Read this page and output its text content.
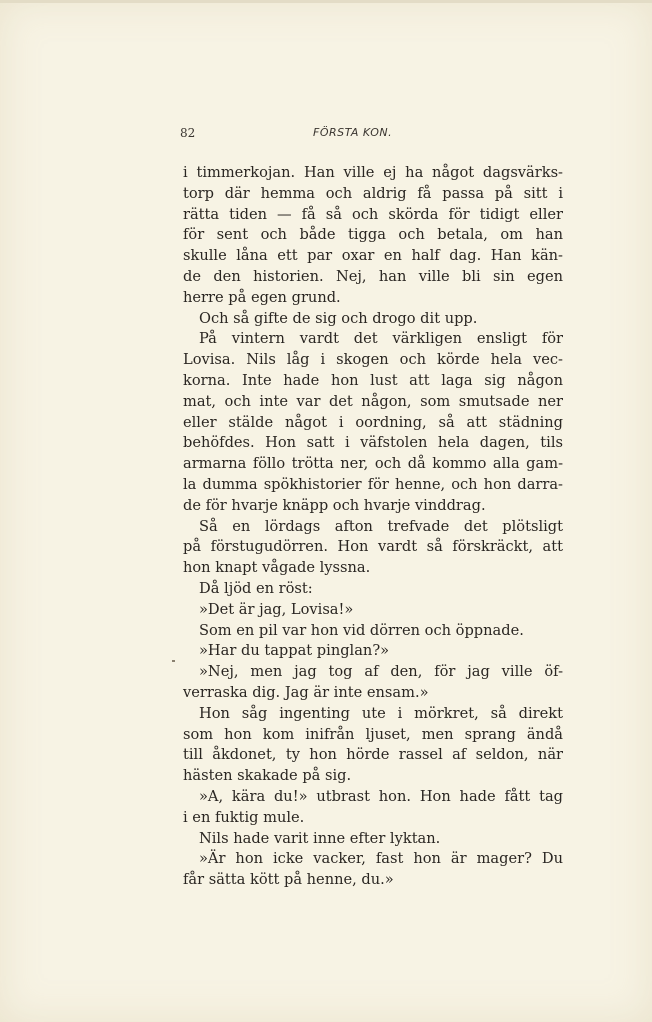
82	FÖRSTA KON.
i timmerkojan. Han ville ej ha något dagsvärks-
torp där hemma och aldrig få passa på sitt i
rätta tiden — få så och skörda för tidigt eller
för sent och både tigga och betala, om han
skulle låna ett par oxar en half dag. Han kän-
de den historien. Nej, han ville bli sin egen
herre på egen grund.
Och så gifte de sig och drogo dit upp.
På vintern vardt det värkligen ensligt för
Lovisa. Nils låg i skogen och körde hela vec-
korna. Inte hade hon lust att laga sig någon
mat, och inte var det någon, som smutsade ner
eller stälde något i oordning, så att städning
behöfdes. Hon satt i väfstolen hela dagen, tils
armarna föllo trötta ner, och då kommo alla gam-
la dumma spökhistorier för henne, och hon darra-
de för hvarje knäpp och hvarje vinddrag.
Så en lördags afton trefvade det plötsligt
på förstugudörren. Hon vardt så förskräckt, att
hon knapt vågade lyssna.
Då ljöd en röst:
»Det är jag, Lovisa!»
Som en pil var hon vid dörren och öppnade.
»Har du tappat pinglan?»
»Nej, men jag tog af den, för jag ville öf-
verraska dig. Jag är inte ensam.»
Hon såg ingenting ute i mörkret, så direkt
som hon kom inifrån ljuset, men sprang ändå
till åkdonet, ty hon hörde rassel af seldon, när
hästen skakade på sig.
»A, kära du!» utbrast hon. Hon hade fått tag
i en fuktig mule.
Nils hade varit inne efter lyktan.
»Är hon icke vacker, fast hon är mager? Du
får sätta kött på henne, du.»
